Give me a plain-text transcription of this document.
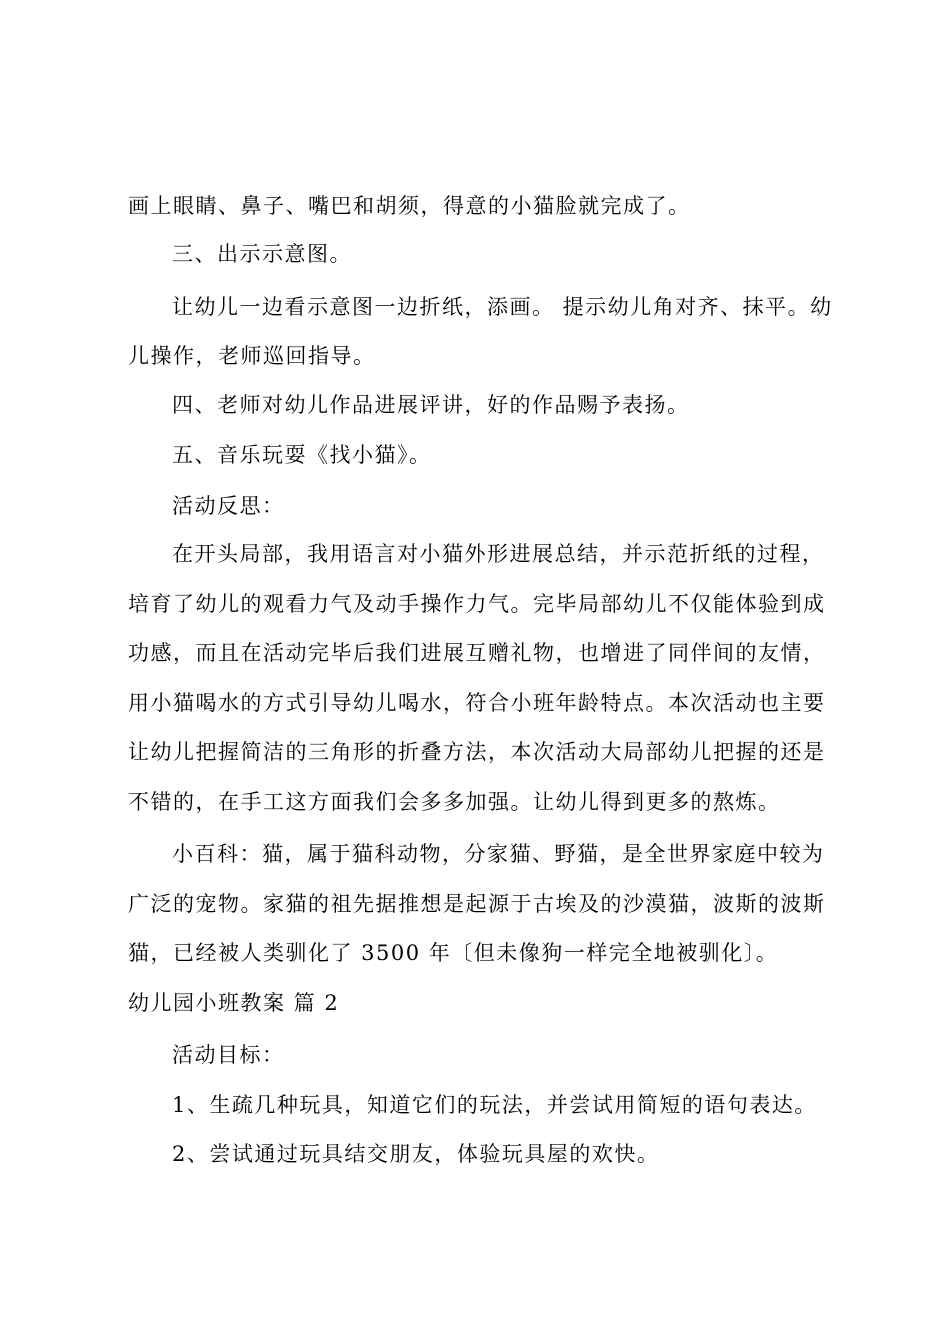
画上眼睛、鼻子、嘴巴和胡须，得意的小猫脸就完成了。
三、出示示意图。
让幼儿一边看示意图一边折纸，添画。 提示幼儿角对齐、抹平。幼
儿操作，老师巡回指导。
四、老师对幼儿作品进展评讲，好的作品赐予表扬。
五、音乐玩耍《找小猫》。
活动反思：
在开头局部，我用语言对小猫外形进展总结，并示范折纸的过程，
培育了幼儿的观看力气及动手操作力气。完毕局部幼儿不仅能体验到成
功感，而且在活动完毕后我们进展互赠礼物，也增进了同伴间的友情，
用小猫喝水的方式引导幼儿喝水，符合小班年龄特点。本次活动也主要
让幼儿把握简洁的三角形的折叠方法，本次活动大局部幼儿把握的还是
不错的，在手工这方面我们会多多加强。让幼儿得到更多的熬炼。
小百科：猫，属于猫科动物，分家猫、野猫，是全世界家庭中较为
广泛的宠物。家猫的祖先据推想是起源于古埃及的沙漠猫，波斯的波斯
猫，已经被人类驯化了 3500 年〔但未像狗一样完全地被驯化〕。
幼儿园小班教案 篇 2
活动目标：
1、生疏几种玩具，知道它们的玩法，并尝试用简短的语句表达。
2、尝试通过玩具结交朋友，体验玩具屋的欢快。
